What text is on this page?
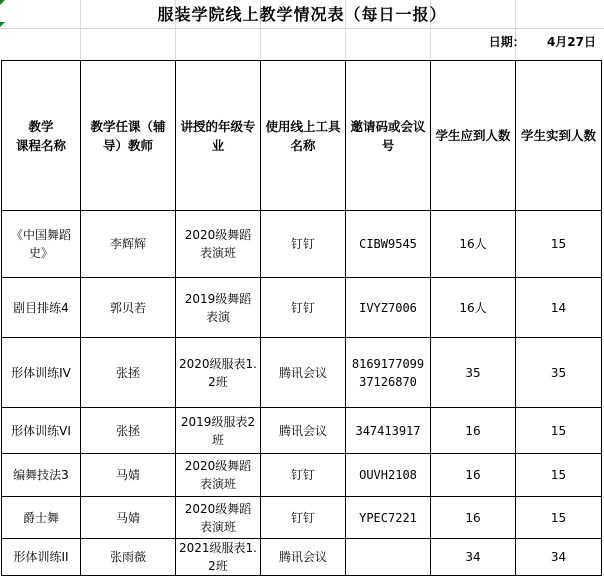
服装学院线上教学情况表（每日一报）
日期： 4月27日
教学
课程名称	教学任课（辅导）教师	讲授的年级专业	使用线上工具名称	邀请码或会议号	学生应到人数	学生实到人数
《中国舞蹈史》	李辉辉	2020级舞蹈表演班	钉钉	CIBW9545	16人	15
剧目排练4	郭贝若	2019级舞蹈表演	钉钉	IVYZ7006	16人	14
形体训练IV	张拯	2020级服表1.2班	腾讯会议	816917709937126870	35	35
形体训练VI	张拯	2019级服表2班	腾讯会议	347413917	16	15
编舞技法3	马婧	2020级舞蹈表演班	钉钉	OUVH2108	16	15
爵士舞	马婧	2020级舞蹈表演班	钉钉	YPEC7221	16	15
形体训练II	张雨薇	2021级服表1.2班	腾讯会议		34	34
